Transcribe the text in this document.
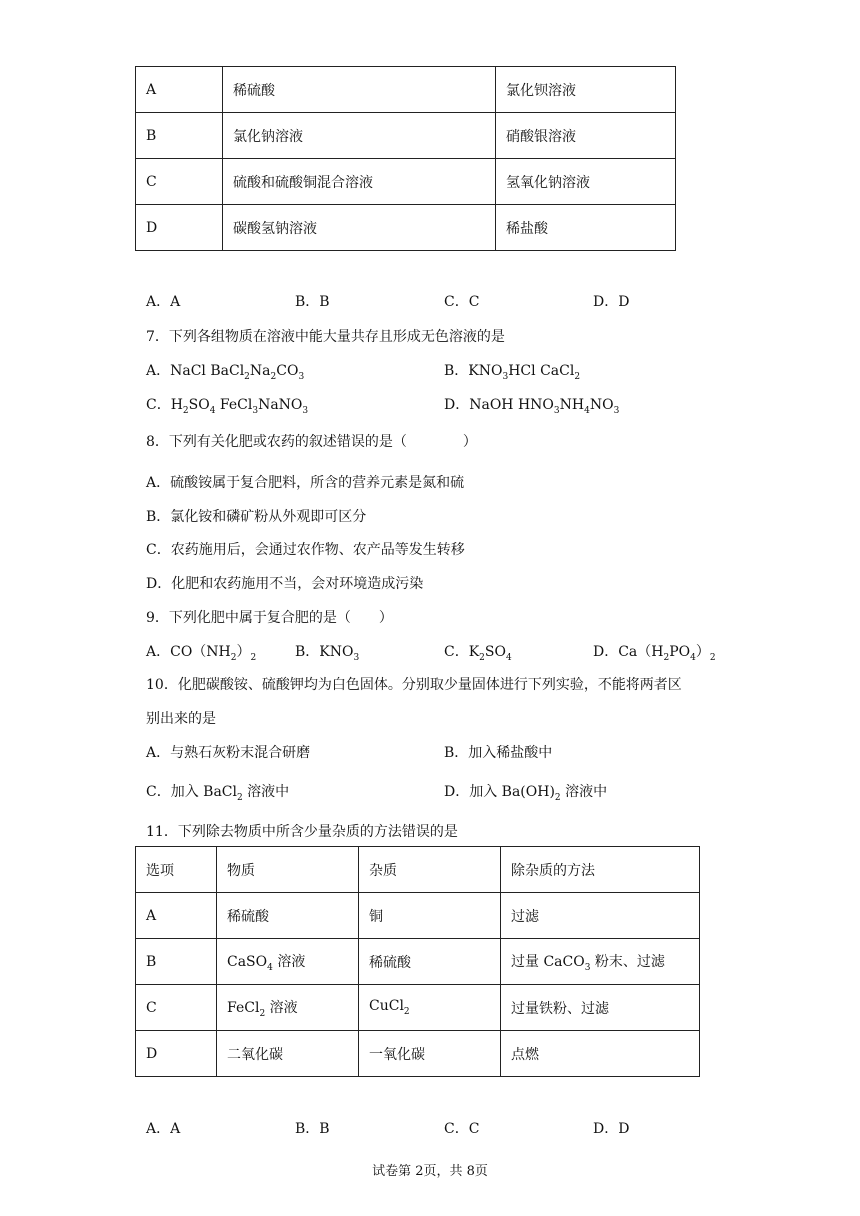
A	稀硫酸	氯化钡溶液
B	氯化钠溶液	硝酸银溶液
C	硫酸和硫酸铜混合溶液	氢氧化钠溶液
D	碳酸氢钠溶液	稀盐酸
A．A	B．B	C．C	D．D
7．下列各组物质在溶液中能大量共存且形成无色溶液的是
A．NaCl $BaCl_2Na_2CO_3$	B．$KNO_3HCl$ CaCl$_2$
C．$H_2SO_4$ FeCl$_3$NaNO$_3$	D．NaOH $HNO_3NH_4NO_3$
8．下列有关化肥或农药的叙述错误的是（　　　　）
A．硫酸铵属于复合肥料，所含的营养元素是氮和硫
B．氯化铵和磷矿粉从外观即可区分
C．农药施用后，会通过农作物、农产品等发生转移
D．化肥和农药施用不当，会对环境造成污染
9．下列化肥中属于复合肥的是（　　）
A．$CO(NH_2)_2$	B．$KNO_3$	C．$K_2SO_4$	D．$Ca(H_2PO_4)_2$
10．化肥碳酸铵、硫酸钾均为白色固体。分别取少量固体进行下列实验，不能将两者区
别出来的是
A．与熟石灰粉末混合研磨	B．加入稀盐酸中
C．加入 BaCl$_2$ 溶液中	D．加入 $Ba(OH)_2$ 溶液中
11．下列除去物质中所含少量杂质的方法错误的是
选项	物质	杂质	除杂质的方法
A	稀硫酸	铜	过滤
B	CaSO$_4$ 溶液	稀硫酸	过量 CaCO$_3$ 粉末、过滤
C	FeCl$_2$ 溶液	CuCl$_2$	过量铁粉、过滤
D	二氧化碳	一氧化碳	点燃
A．A	B．B	C．C	D．D
试卷第 2页，共 8页
